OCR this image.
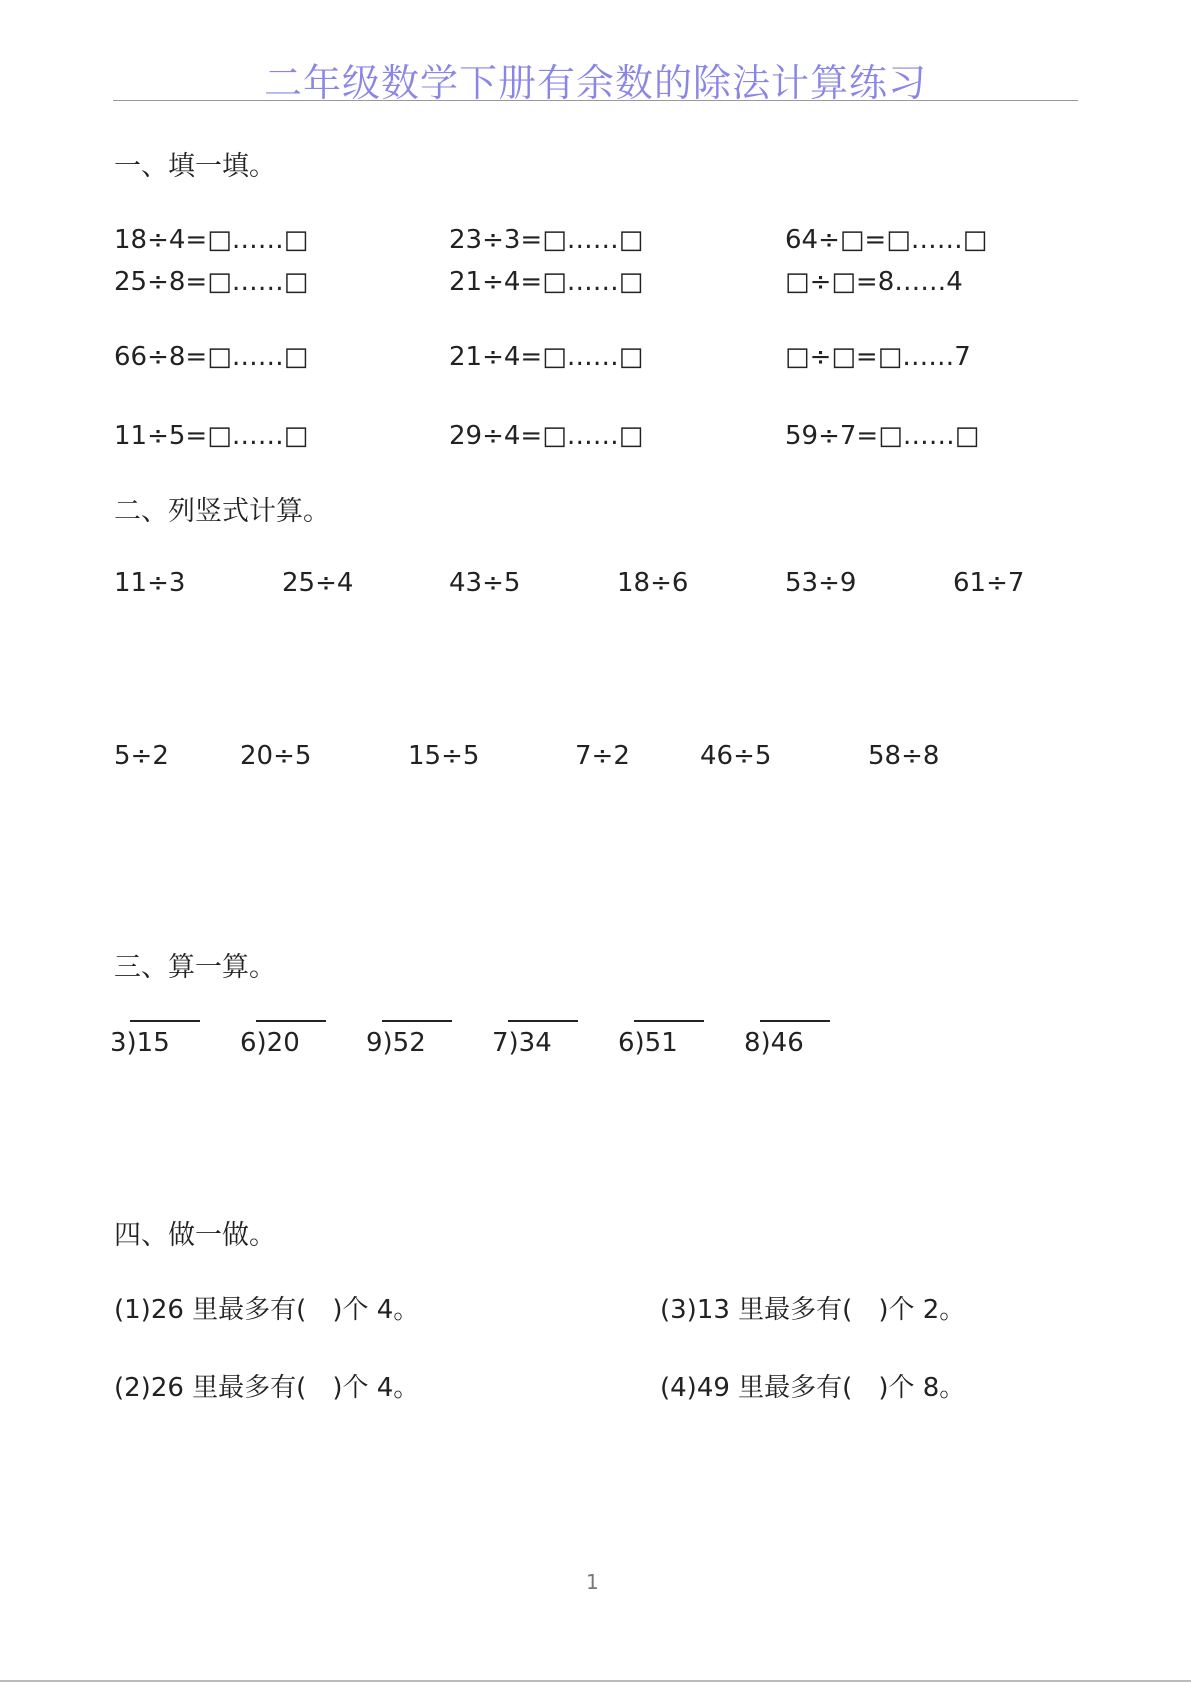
二年级数学下册有余数的除法计算练习
一、填一填。
18÷4=□……□	23÷3=□……□	64÷□=□……□
25÷8=□……□	21÷4=□……□	□÷□=8……4
66÷8=□……□	21÷4=□……□	□÷□=□……7
11÷5=□……□	29÷4=□……□	59÷7=□……□
二、列竖式计算。
11÷3	25÷4	43÷5	18÷6	53÷9	61÷7
5÷2	20÷5	15÷5	7÷2	46÷5	58÷8
三、算一算。
3)15	6)20	9)52	7)34	6)51	8)46
四、做一做。
(1)26 里最多有(　)个 4。	(3)13 里最多有(　)个 2。
(2)26 里最多有(　)个 4。	(4)49 里最多有(　)个 8。
1
